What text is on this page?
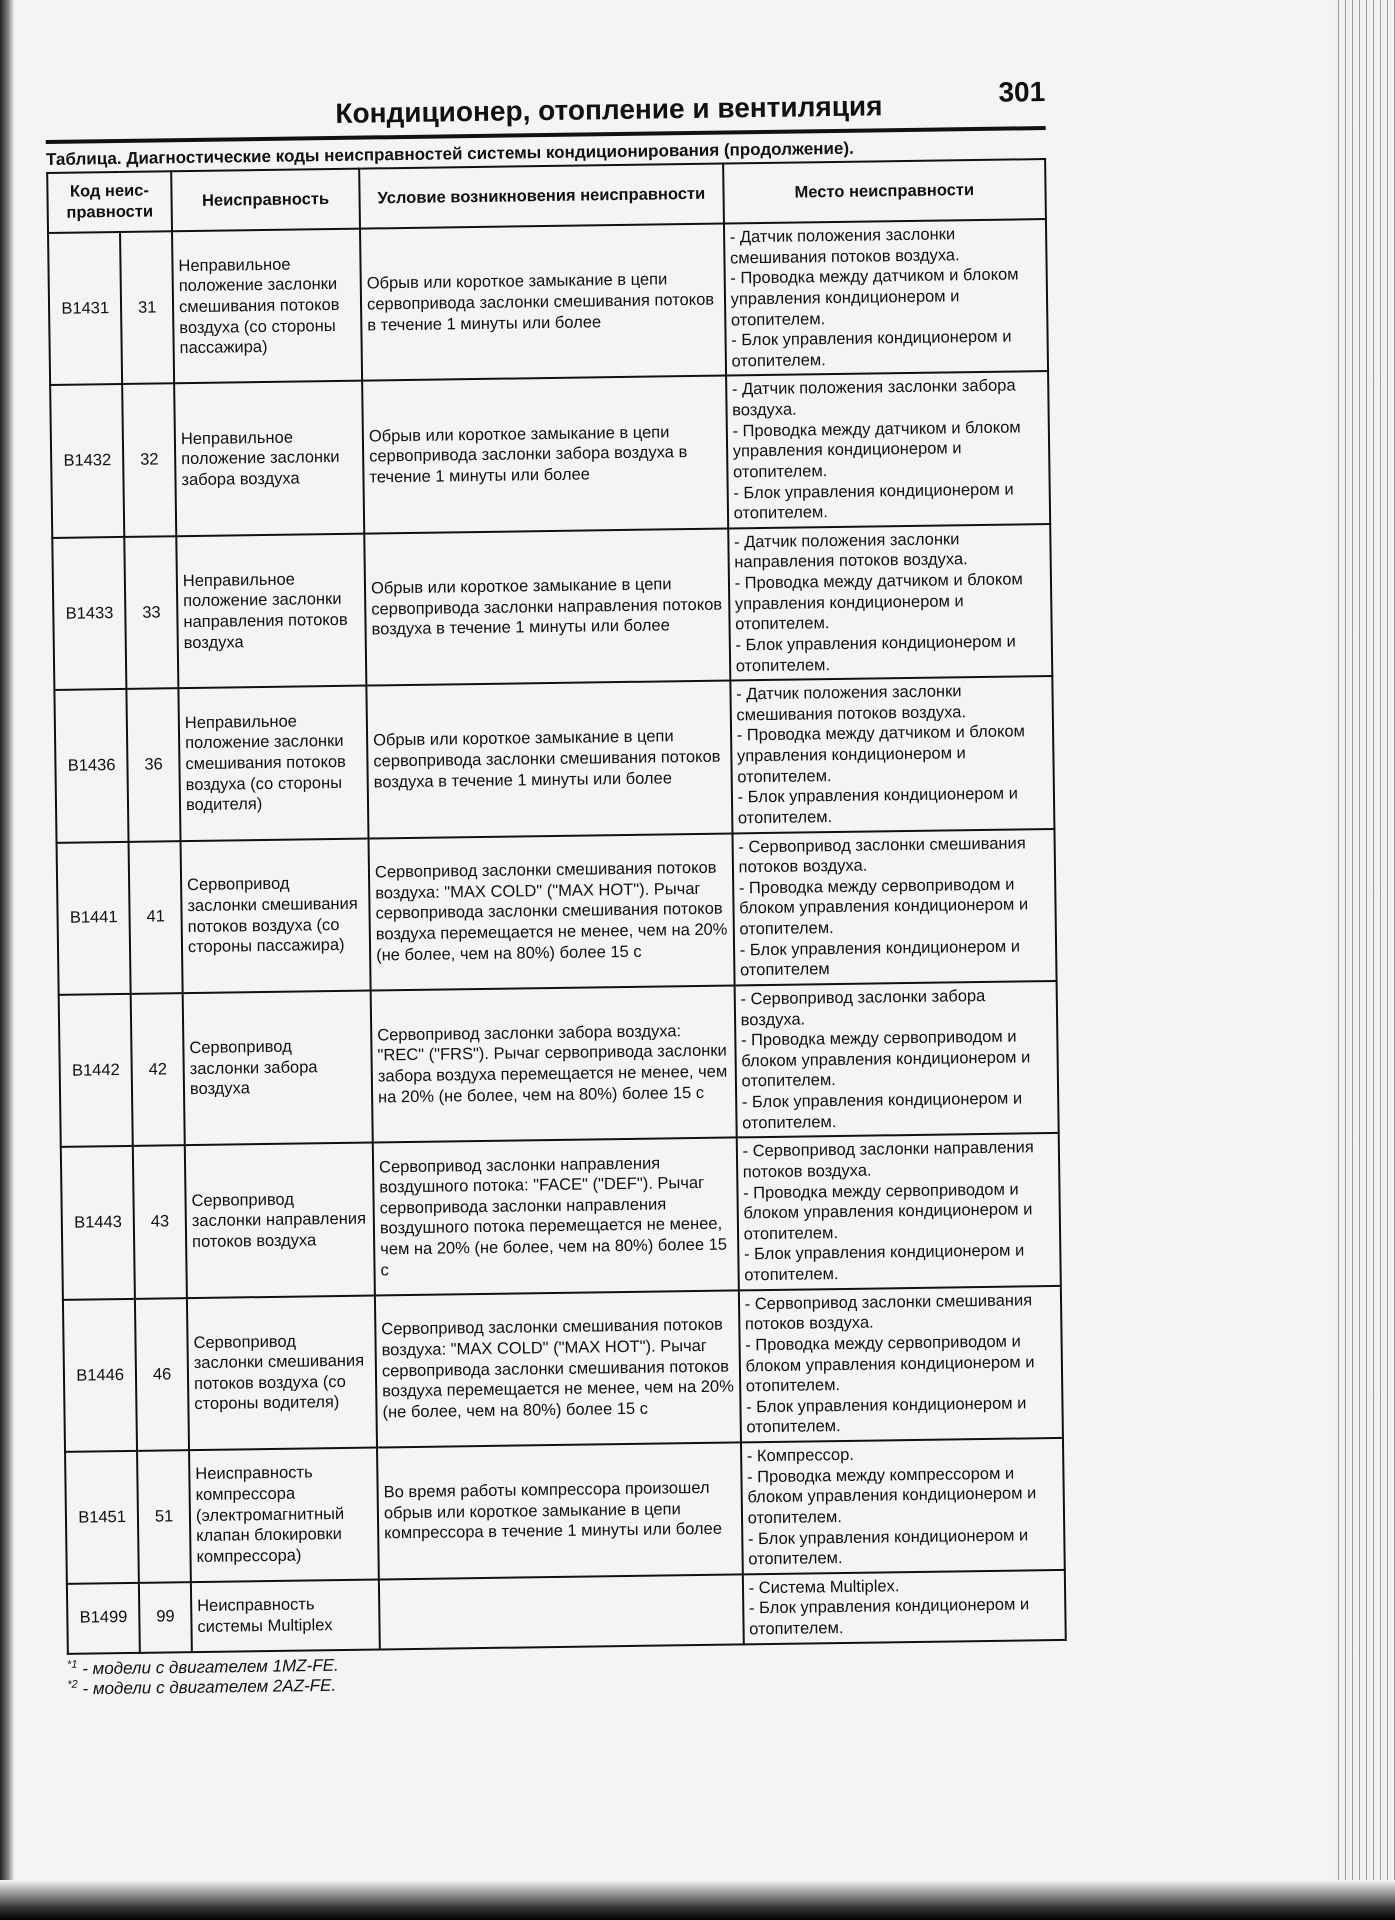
Кондиционер, отопление и вентиляция	301
Таблица. Диагностические коды неисправностей системы кондиционирования (продолжение).
Код неис-правности		Неисправность	Условие возникновения неисправности	Место неисправности
B1431	31	Неправильное положение заслонки смешивания потоков воздуха (со стороны пассажира)	Обрыв или короткое замыкание в цепи сервопривода заслонки смешивания потоков в течение 1 минуты или более	- Датчик положения заслонки смешивания потоков воздуха.
- Проводка между датчиком и блоком управления кондиционером и отопителем.
- Блок управления кондиционером и отопителем.

B1432	32	Неправильное положение заслонки забора воздуха	Обрыв или короткое замыкание в цепи сервопривода заслонки забора воздуха в течение 1 минуты или более	- Датчик положения заслонки забора воздуха.
- Проводка между датчиком и блоком управления кондиционером и отопителем.
- Блок управления кондиционером и отопителем.

B1433	33	Неправильное положение заслонки направления потоков воздуха	Обрыв или короткое замыкание в цепи сервопривода заслонки направления потоков воздуха в течение 1 минуты или более	- Датчик положения заслонки направления потоков воздуха.
- Проводка между датчиком и блоком управления кондиционером и отопителем.
- Блок управления кондиционером и отопителем.

B1436	36	Неправильное положение заслонки смешивания потоков воздуха (со стороны водителя)	Обрыв или короткое замыкание в цепи сервопривода заслонки смешивания потоков воздуха в течение 1 минуты или более	- Датчик положения заслонки смешивания потоков воздуха.
- Проводка между датчиком и блоком управления кондиционером и отопителем.
- Блок управления кондиционером и отопителем.

B1441	41	Сервопривод заслонки смешивания потоков воздуха (со стороны пассажира)	Сервопривод заслонки смешивания потоков воздуха: "MAX COLD" ("MAX HOT"). Рычаг сервопривода заслонки смешивания потоков воздуха перемещается не менее, чем на 20% (не более, чем на 80%) более 15 с	- Сервопривод заслонки смешивания потоков воздуха.
- Проводка между сервоприводом и блоком управления кондиционером и отопителем.
- Блок управления кондиционером и отопителем

B1442	42	Сервопривод заслонки забора воздуха	Сервопривод заслонки забора воздуха: "REC" ("FRS"). Рычаг сервопривода заслонки забора воздуха перемещается не менее, чем на 20% (не более, чем на 80%) более 15 с	- Сервопривод заслонки забора воздуха.
- Проводка между сервоприводом и блоком управления кондиционером и отопителем.
- Блок управления кондиционером и отопителем.

B1443	43	Сервопривод заслонки направления потоков воздуха	Сервопривод заслонки направления воздушного потока: "FACE" ("DEF"). Рычаг сервопривода заслонки направления воздушного потока перемещается не менее, чем на 20% (не более, чем на 80%) более 15 с	- Сервопривод заслонки направления потоков воздуха.
- Проводка между сервоприводом и блоком управления кондиционером и отопителем.
- Блок управления кондиционером и отопителем.

B1446	46	Сервопривод заслонки смешивания потоков воздуха (со стороны водителя)	Сервопривод заслонки смешивания потоков воздуха: "MAX COLD" ("MAX HOT"). Рычаг сервопривода заслонки смешивания потоков воздуха перемещается не менее, чем на 20% (не более, чем на 80%) более 15 с	- Сервопривод заслонки смешивания потоков воздуха.
- Проводка между сервоприводом и блоком управления кондиционером и отопителем.
- Блок управления кондиционером и отопителем.

B1451	51	Неисправность компрессора (электромагнитный клапан блокировки компрессора)	Во время работы компрессора произошел обрыв или короткое замыкание в цепи компрессора в течение 1 минуты или более	- Компрессор.
- Проводка между компрессором и блоком управления кондиционером и отопителем.
- Блок управления кондиционером и отопителем.

B1499	99	Неисправность системы Multiplex		- Система Multiplex.
- Блок управления кондиционером и отопителем.
$^{*1}$ - модели с двигателем 1MZ-FE.
$^{*2}$ - модели с двигателем 2AZ-FE.
